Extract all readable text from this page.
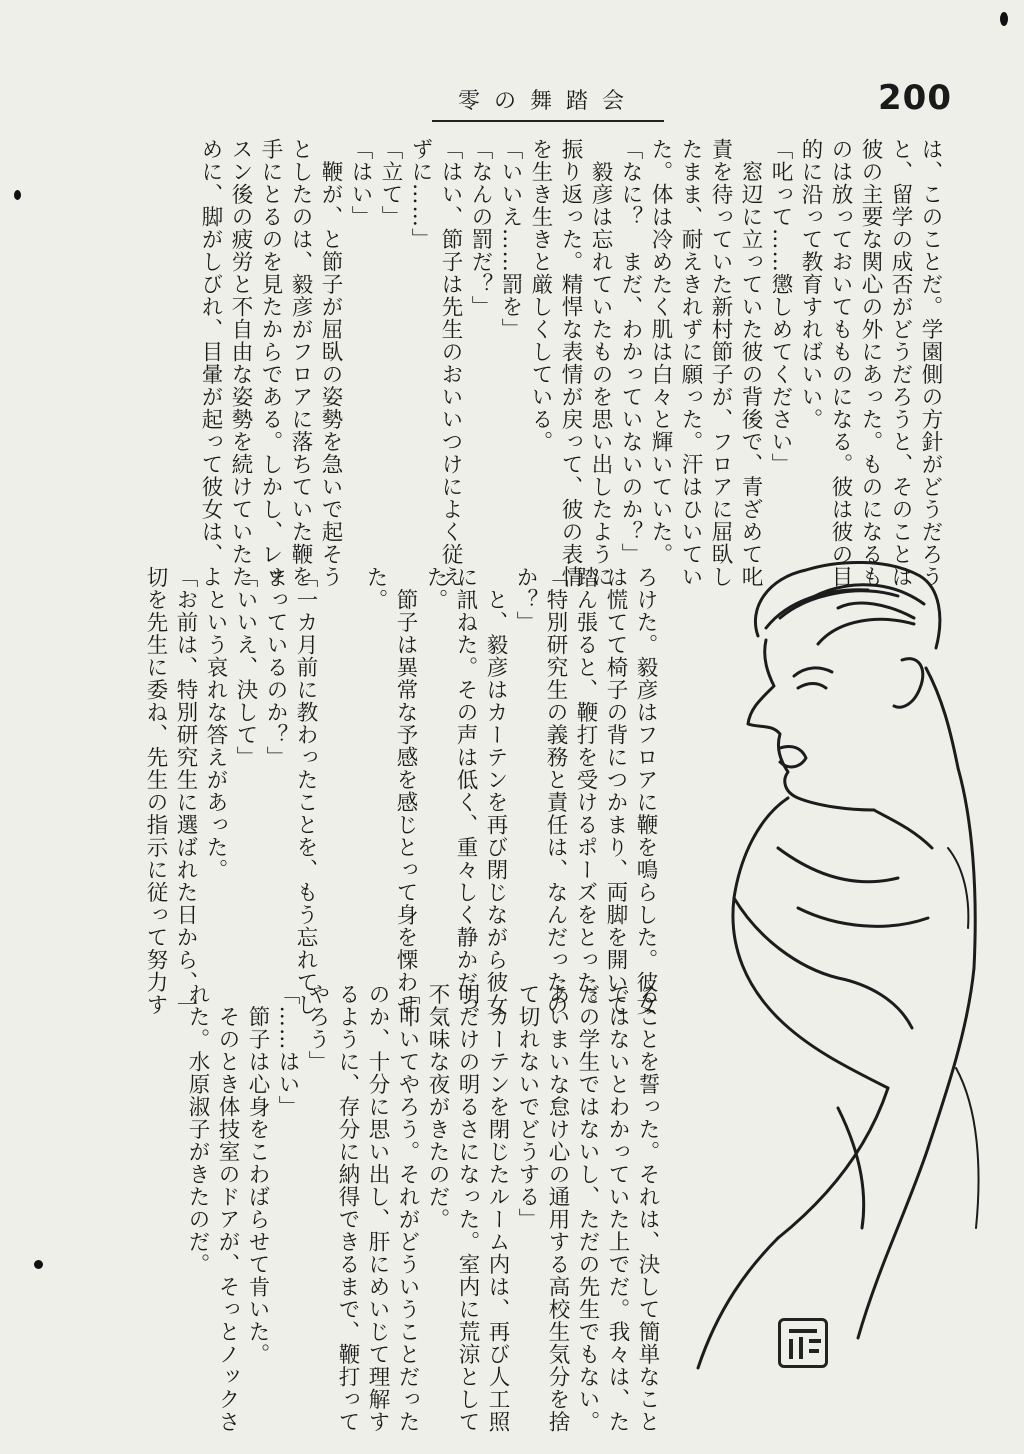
零の舞踏会	200
は、このことだ。学園側の方針がどうだろう
と、留学の成否がどうだろうと、そのことは
彼の主要な関心の外にあった。ものになるも
のは放っておいてもものになる。彼は彼の目
的に沿って教育すればいい。
「叱って……懲しめてください」
　窓辺に立っていた彼の背後で、青ざめて叱
責を待っていた新村節子が、フロアに屈臥し
たまま、耐えきれずに願った。汗はひいてい
た。体は冷めたく肌は白々と輝いていた。
「なに？　まだ、わかっていないのか？」
　毅彦は忘れていたものを思い出したように
振り返った。精悍な表情が戻って、彼の表情
を生き生きと厳しくしている。
「いいえ……罰を」
「なんの罰だ？」
「はい、節子は先生のおいいつけによく従え
ずに……」
「立て」
「はい」
　鞭が、と節子が屈臥の姿勢を急いで起そう
としたのは、毅彦がフロアに落ちていた鞭を
手にとるのを見たからである。しかし、レッ
スン後の疲労と不自由な姿勢を続けていたた
めに、脚がしびれ、目暈が起って彼女は、よ
ろけた。毅彦はフロアに鞭を鳴らした。彼女
は慌てて椅子の背につかまり、両脚を開いて
踏ん張ると、鞭打を受けるポーズをとった。
「特別研究生の義務と責任は、なんだったの
か？」
　と、毅彦はカーテンを再び閉じながら彼女
に訊ねた。その声は低く、重々しく静かだっ
た。
　節子は異常な予感を感じとって身を慄わせ
た。
「一カ月前に教わったことを、もう忘れてし
まっているのか？」
「いいえ、決して」
　という哀れな答えがあった。
「お前は、特別研究生に選ばれた日から、一
切を先生に委ね、先生の指示に従って努力す
ることを誓った。それは、決して簡単なこと
ではないとわかっていた上でだ。我々は、た
だの学生ではないし、ただの先生でもない。
あいまいな怠け心の通用する高校生気分を捨
て切れないでどうする」
　カーテンを閉じたルーム内は、再び人工照
明だけの明るさになった。室内に荒涼として
不気味な夜がきたのだ。
「叩いてやろう。それがどういうことだった
のか、十分に思い出し、肝にめいじて理解す
るように、存分に納得できるまで、鞭打って
やろう」
「……はい」
　節子は心身をこわばらせて肯いた。
　そのとき体技室のドアが、そっとノックさ
れた。水原淑子がきたのだ。
